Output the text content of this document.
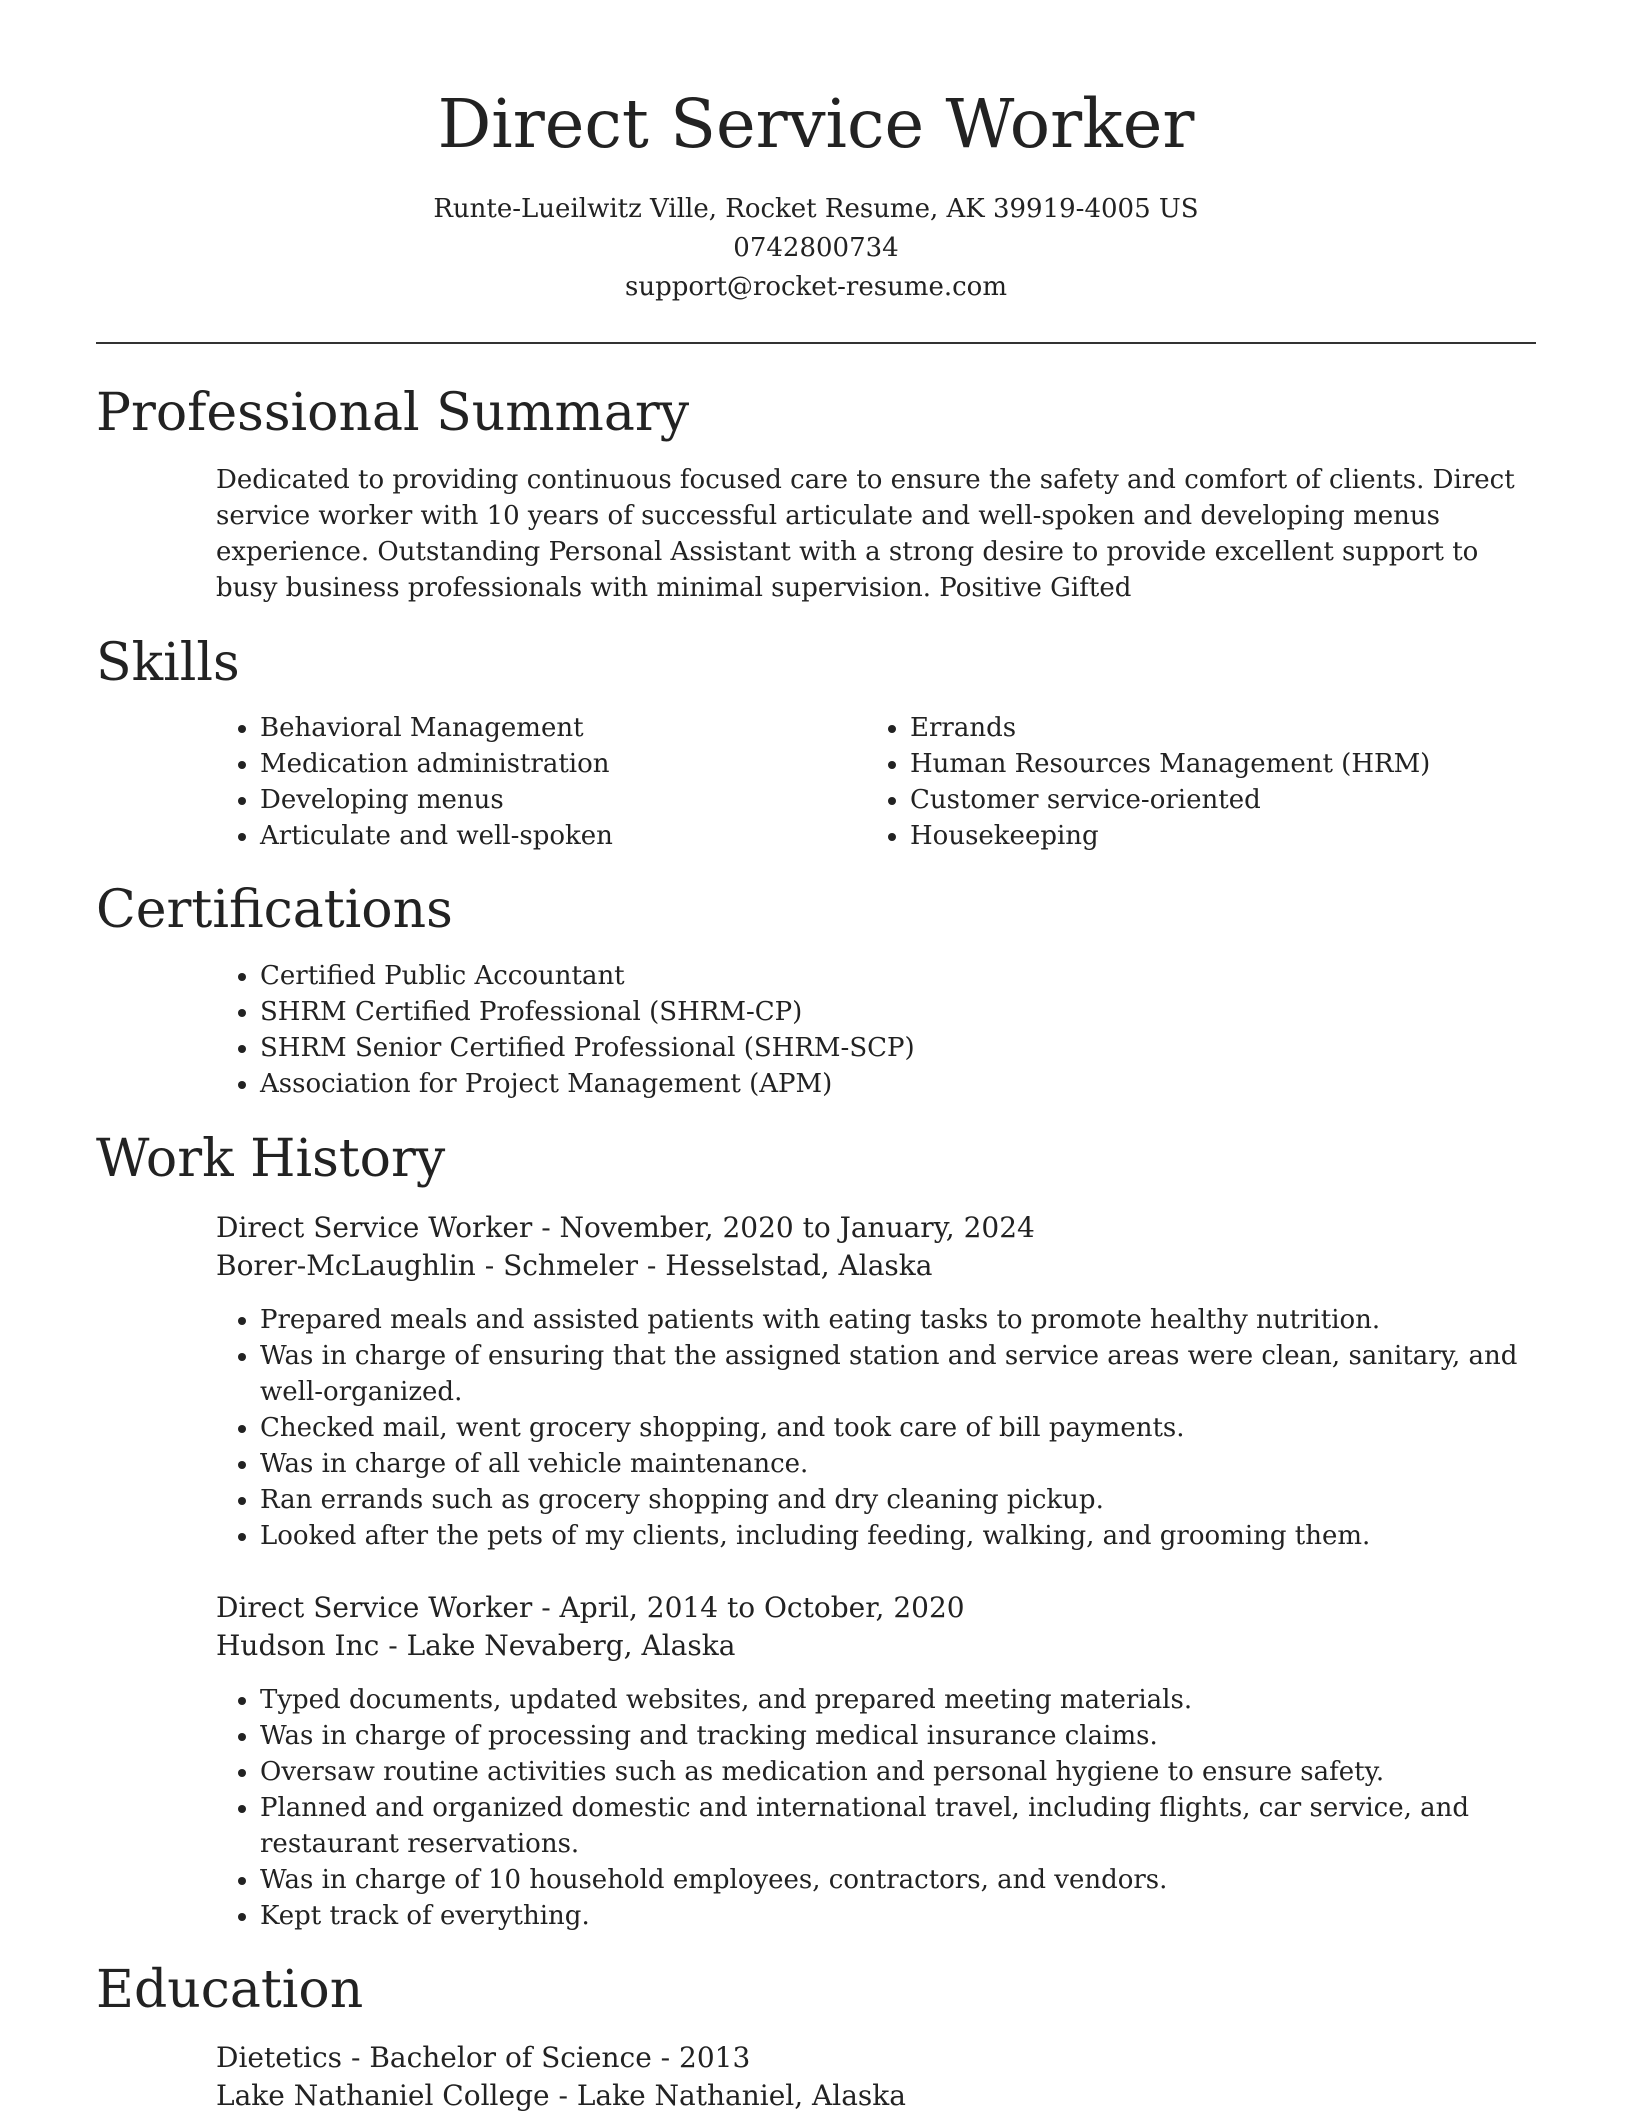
Direct Service Worker
Runte-Lueilwitz Ville, Rocket Resume, AK 39919-4005 US
0742800734
support@rocket-resume.com
Professional Summary

Dedicated to providing continuous focused care to ensure the safety and comfort of clients. Direct service worker with 10 years of successful articulate and well-spoken and developing menus experience. Outstanding Personal Assistant with a strong desire to provide excellent support to busy business professionals with minimal supervision. Positive Gifted

Skills
• Behavioral Management
• Medication administration
• Developing menus
• Articulate and well-spoken
• Errands
• Human Resources Management (HRM)
• Customer service-oriented
• Housekeeping
Certifications
• Certified Public Accountant
• SHRM Certified Professional (SHRM-CP)
• SHRM Senior Certified Professional (SHRM-SCP)
• Association for Project Management (APM)
Work History
Direct Service Worker - November, 2020 to January, 2024
Borer-McLaughlin - Schmeler - Hesselstad, Alaska
• Prepared meals and assisted patients with eating tasks to promote healthy nutrition.
• Was in charge of ensuring that the assigned station and service areas were clean, sanitary, and well-organized.
• Checked mail, went grocery shopping, and took care of bill payments.
• Was in charge of all vehicle maintenance.
• Ran errands such as grocery shopping and dry cleaning pickup.
• Looked after the pets of my clients, including feeding, walking, and grooming them.
Direct Service Worker - April, 2014 to October, 2020
Hudson Inc - Lake Nevaberg, Alaska
• Typed documents, updated websites, and prepared meeting materials.
• Was in charge of processing and tracking medical insurance claims.
• Oversaw routine activities such as medication and personal hygiene to ensure safety.
• Planned and organized domestic and international travel, including flights, car service, and restaurant reservations.
• Was in charge of 10 household employees, contractors, and vendors.
• Kept track of everything.
Education
Dietetics - Bachelor of Science - 2013
Lake Nathaniel College - Lake Nathaniel, Alaska
